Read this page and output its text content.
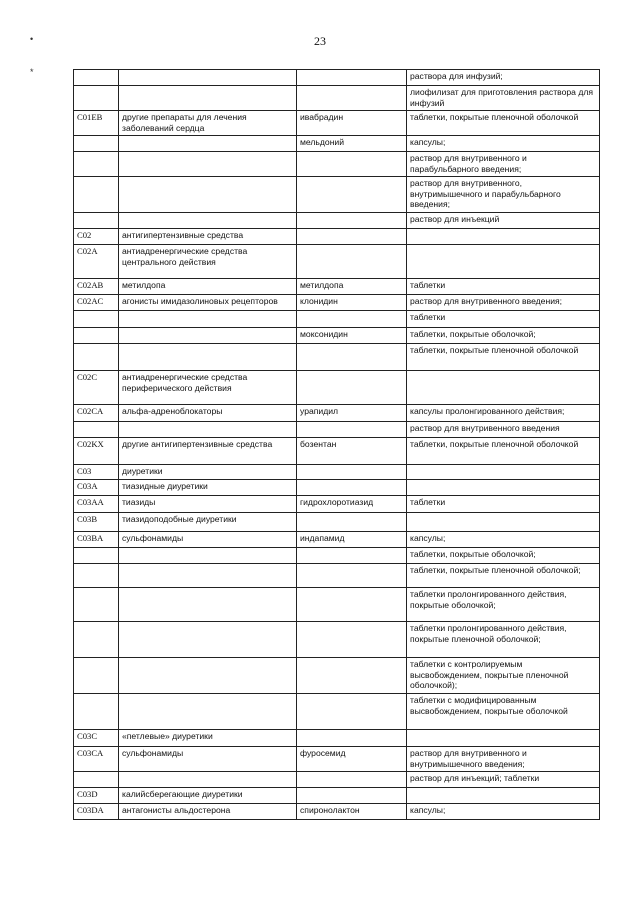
23
•
*
				раствора для инфузий;
			лиофилизат для приготовления раствора для инфузий
C01EB	другие препараты для лечения заболеваний сердца	ивабрадин	таблетки, покрытые пленочной оболочкой
		мельдоний	капсулы;
			раствор для внутривенного и парабульбарного введения;
			раствор для внутривенного, внутримышечного и парабульбарного введения;
			раствор для инъекций
C02	антигипертензивные средства		
C02A	антиадренергические средства центрального действия		
C02AB	метилдопа	метилдопа	таблетки
C02AC	агонисты имидазолиновых рецепторов	клонидин	раствор для внутривенного введения;
			таблетки
		моксонидин	таблетки, покрытые оболочкой;
			таблетки, покрытые пленочной оболочкой
C02C	антиадренергические средства периферического действия		
C02CA	альфа-адреноблокаторы	урапидил	капсулы пролонгированного действия;
			раствор для внутривенного введения
C02KX	другие антигипертензивные средства	бозентан	таблетки, покрытые пленочной оболочкой
C03	диуретики		
C03A	тиазидные диуретики		
C03AA	тиазиды	гидрохлоротиазид	таблетки
C03B	тиазидоподобные диуретики		
C03BA	сульфонамиды	индапамид	капсулы;
			таблетки, покрытые оболочкой;
			таблетки, покрытые пленочной оболочкой;
			таблетки пролонгированного действия, покрытые оболочкой;
			таблетки пролонгированного действия, покрытые пленочной оболочкой;
			таблетки с контролируемым высвобождением, покрытые пленочной оболочкой);
			таблетки с модифицированным высвобождением, покрытые оболочкой
C03C	«петлевые» диуретики		
C03CA	сульфонамиды	фуросемид	раствор для внутривенного и внутримышечного введения;
			раствор для инъекций; таблетки
C03D	калийсберегающие диуретики		
C03DA	антагонисты альдостерона	спиронолактон	капсулы;
